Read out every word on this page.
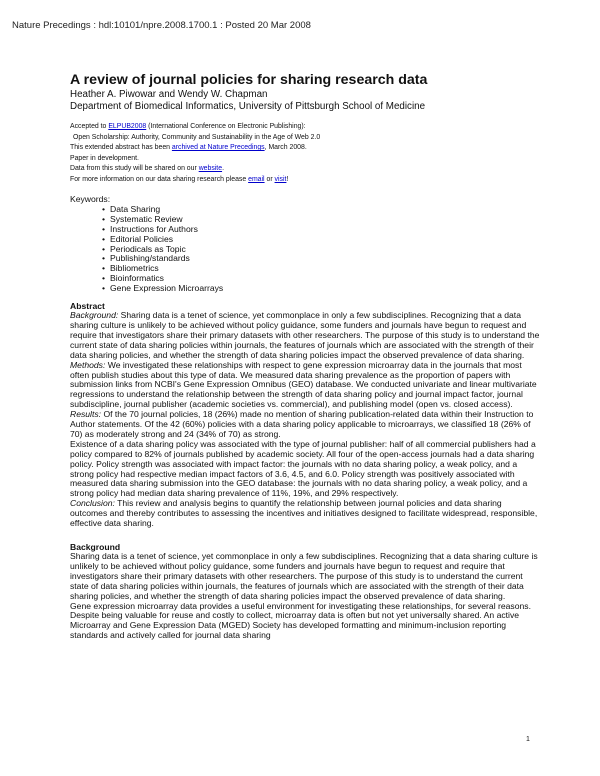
Nature Precedings : hdl:10101/npre.2008.1700.1 : Posted 20 Mar 2008
A review of journal policies for sharing research data
Heather A. Piwowar and Wendy W. Chapman
Department of Biomedical Informatics, University of Pittsburgh School of Medicine
Accepted to ELPUB2008 (International Conference on Electronic Publishing):
Open Scholarship: Authority, Community and Sustainability in the Age of Web 2.0
This extended abstract has been archived at Nature Precedings, March 2008.
Paper in development.
Data from this study will be shared on our website.
For more information on our data sharing research please email or visit!
Keywords:
• Data Sharing
• Systematic Review
• Instructions for Authors
• Editorial Policies
• Periodicals as Topic
• Publishing/standards
• Bibliometrics
• Bioinformatics
• Gene Expression Microarrays
Abstract

Background: Sharing data is a tenet of science, yet commonplace in only a few subdisciplines. Recognizing that a data sharing culture is unlikely to be achieved without policy guidance, some funders and journals have begun to request and require that investigators share their primary datasets with other researchers. The purpose of this study is to understand the current state of data sharing policies within journals, the features of journals which are associated with the strength of their data sharing policies, and whether the strength of data sharing policies impact the observed prevalence of data sharing.

Methods: We investigated these relationships with respect to gene expression microarray data in the journals that most often publish studies about this type of data. We measured data sharing prevalence as the proportion of papers with submission links from NCBI's Gene Expression Omnibus (GEO) database. We conducted univariate and linear multivariate regressions to understand the relationship between the strength of data sharing policy and journal impact factor, journal subdiscipline, journal publisher (academic societies vs. commercial), and publishing model (open vs. closed access).

Results: Of the 70 journal policies, 18 (26%) made no mention of sharing publication-related data within their Instruction to Author statements. Of the 42 (60%) policies with a data sharing policy applicable to microarrays, we classified 18 (26% of 70) as moderately strong and 24 (34% of 70) as strong.

Existence of a data sharing policy was associated with the type of journal publisher: half of all commercial publishers had a policy compared to 82% of journals published by academic society. All four of the open-access journals had a data sharing policy. Policy strength was associated with impact factor: the journals with no data sharing policy, a weak policy, and a strong policy had respective median impact factors of 3.6, 4.5, and 6.0. Policy strength was positively associated with measured data sharing submission into the GEO database: the journals with no data sharing policy, a weak policy, and a strong policy had median data sharing prevalence of 11%, 19%, and 29% respectively.

Conclusion: This review and analysis begins to quantify the relationship between journal policies and data sharing outcomes and thereby contributes to assessing the incentives and initiatives designed to facilitate widespread, responsible, effective data sharing.

Background

Sharing data is a tenet of science, yet commonplace in only a few subdisciplines. Recognizing that a data sharing culture is unlikely to be achieved without policy guidance, some funders and journals have begun to request and require that investigators share their primary datasets with other researchers. The purpose of this study is to understand the current state of data sharing policies within journals, the features of journals which are associated with the strength of their data sharing policies, and whether the strength of data sharing policies impact the observed prevalence of data sharing.

Gene expression microarray data provides a useful environment for investigating these relationships, for several reasons. Despite being valuable for reuse and costly to collect, microarray data is often but not yet universally shared. An active Microarray and Gene Expression Data (MGED) Society has developed formatting and minimum-inclusion reporting standards and actively called for journal data sharing

1
